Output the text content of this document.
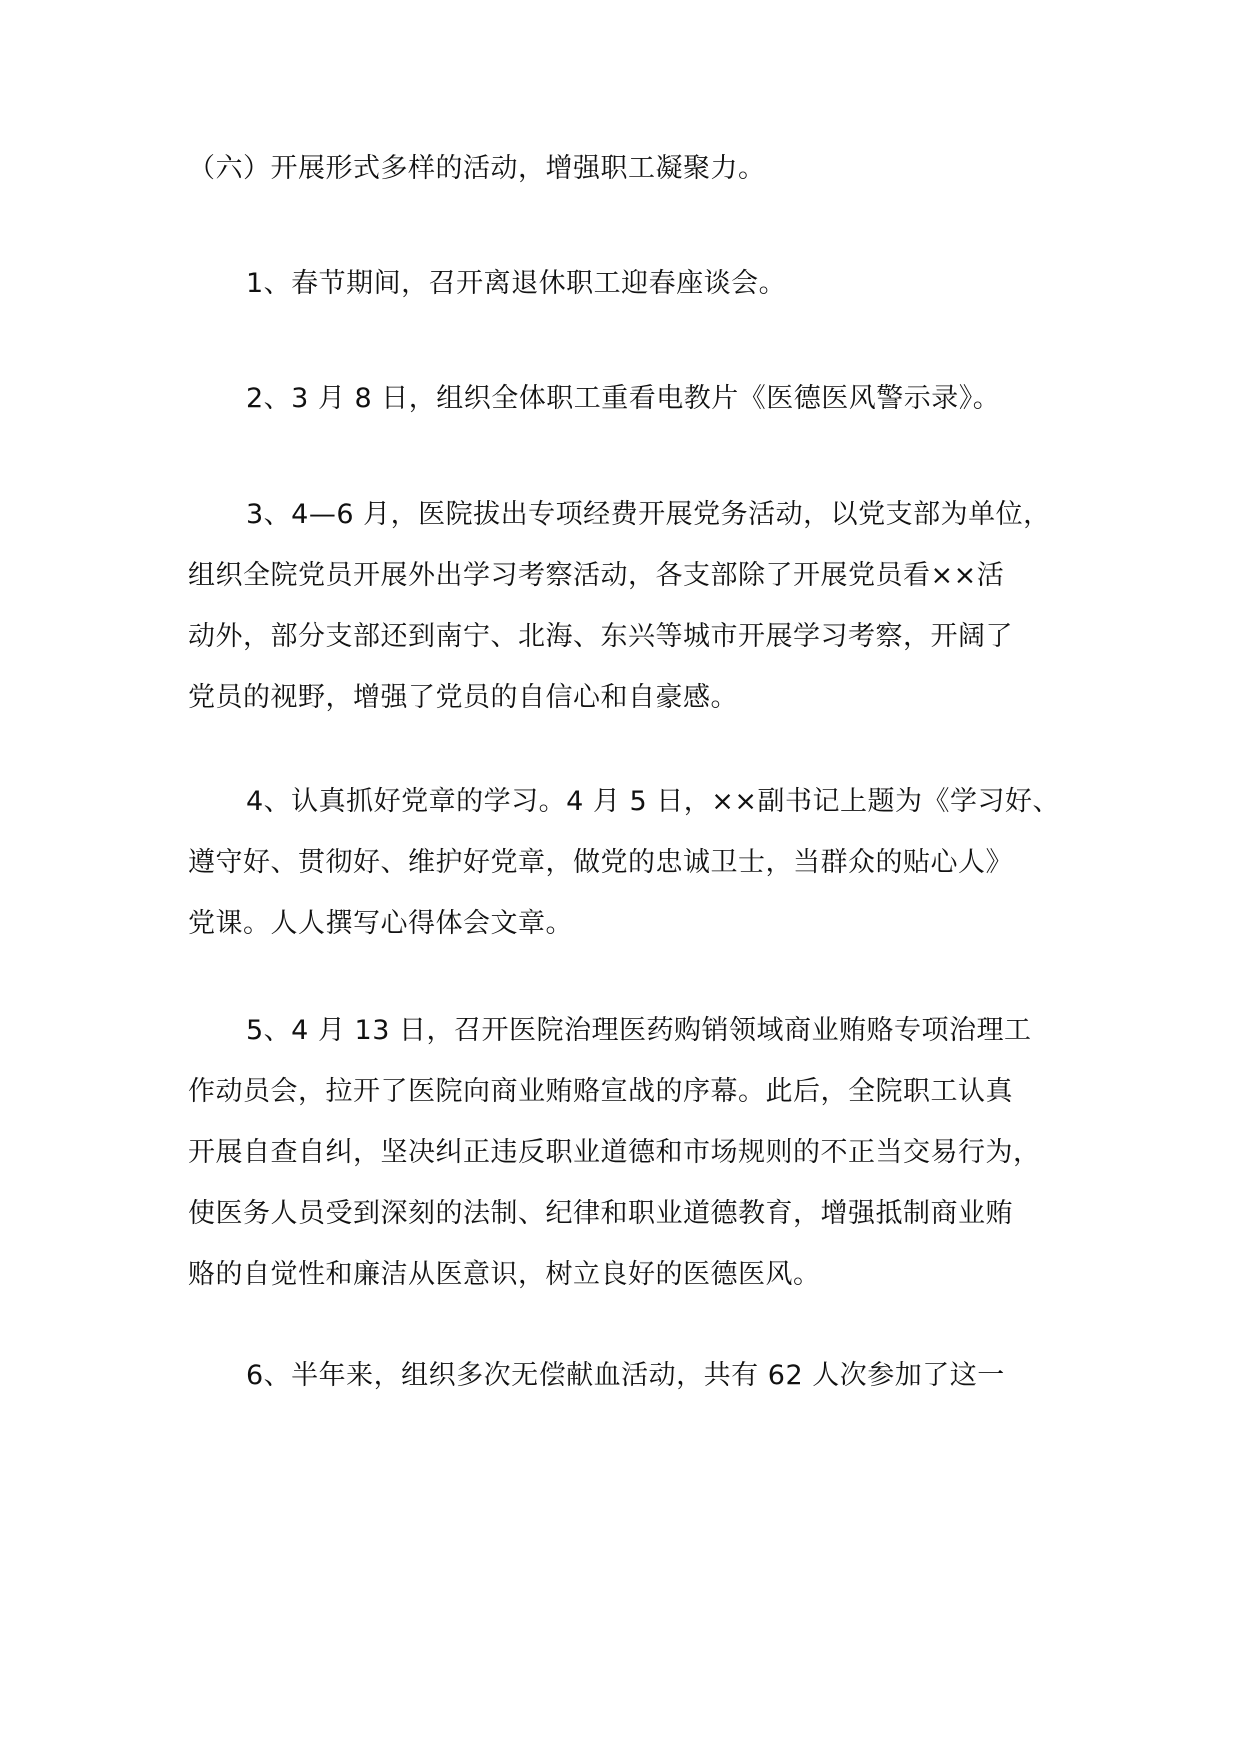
（六）开展形式多样的活动，增强职工凝聚力。

1、春节期间，召开离退休职工迎春座谈会。

2、3 月 8 日，组织全体职工重看电教片《医德医风警示录》。

3、4—6 月，医院拔出专项经费开展党务活动，以党支部为单位，
组织全院党员开展外出学习考察活动，各支部除了开展党员看××活
动外，部分支部还到南宁、北海、东兴等城市开展学习考察，开阔了
党员的视野，增强了党员的自信心和自豪感。

4、认真抓好党章的学习。4 月 5 日，××副书记上题为《学习好、
遵守好、贯彻好、维护好党章，做党的忠诚卫士，当群众的贴心人》
党课。人人撰写心得体会文章。

5、4 月 13 日，召开医院治理医药购销领域商业贿赂专项治理工
作动员会，拉开了医院向商业贿赂宣战的序幕。此后，全院职工认真
开展自查自纠，坚决纠正违反职业道德和市场规则的不正当交易行为，
使医务人员受到深刻的法制、纪律和职业道德教育，增强抵制商业贿
赂的自觉性和廉洁从医意识，树立良好的医德医风。

6、半年来，组织多次无偿献血活动，共有 62 人次参加了这一
